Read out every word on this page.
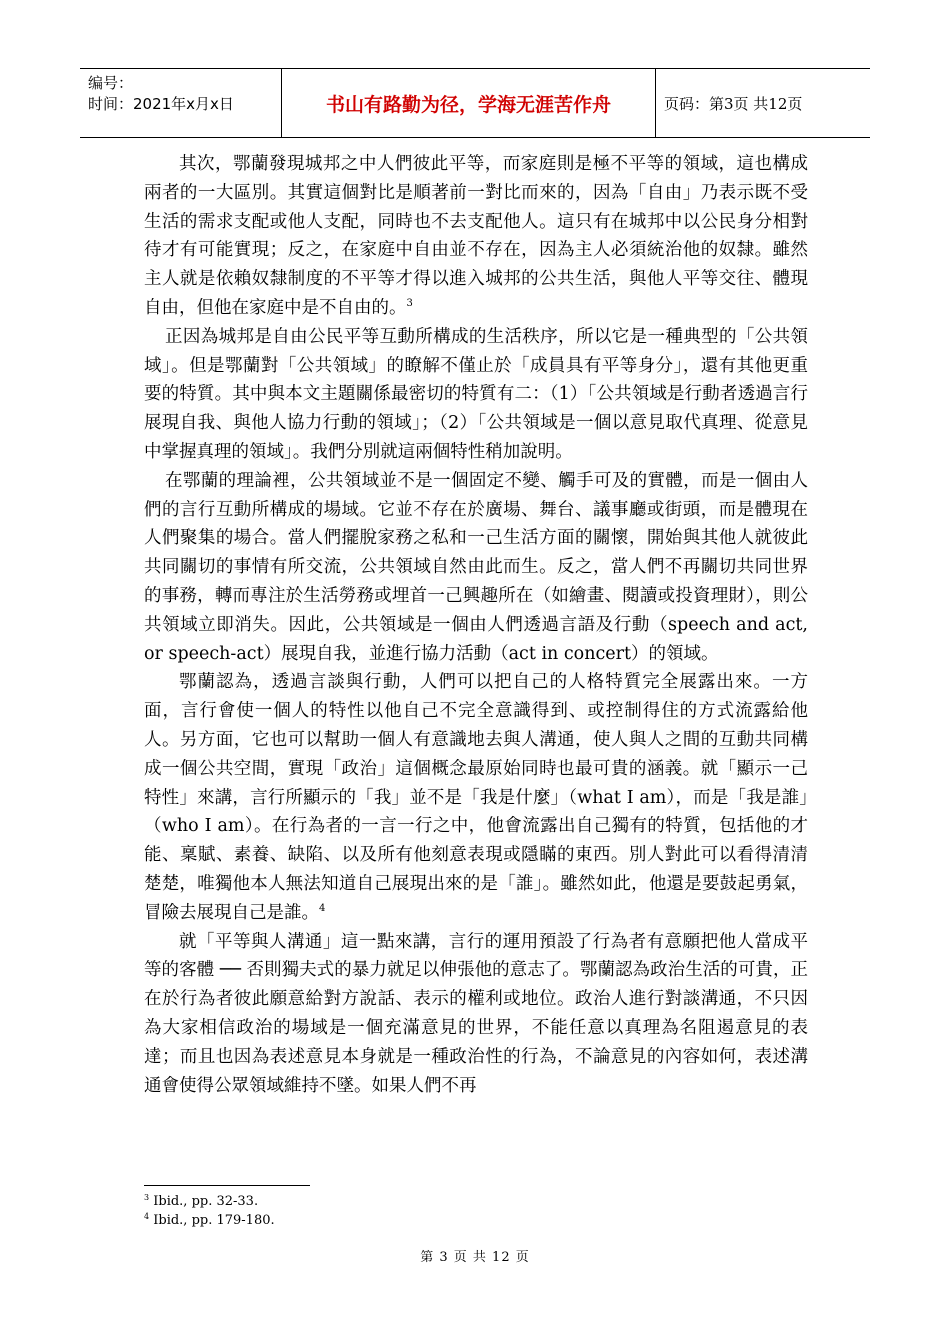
编号：
时间：2021年x月x日	书山有路勤为径，学海无涯苦作舟	页码：第3页 共12页

其次，鄂蘭發現城邦之中人們彼此平等，而家庭則是極不平等的領域，這也構成兩者的一大區別。其實這個對比是順著前一對比而來的，因為「自由」乃表示既不受生活的需求支配或他人支配，同時也不去支配他人。這只有在城邦中以公民身分相對待才有可能實現；反之，在家庭中自由並不存在，因為主人必須統治他的奴隸。雖然主人就是依賴奴隸制度的不平等才得以進入城邦的公共生活，與他人平等交往、體現自由，但他在家庭中是不自由的。$^3$

正因為城邦是自由公民平等互動所構成的生活秩序，所以它是一種典型的「公共領域」。但是鄂蘭對「公共領域」的瞭解不僅止於「成員具有平等身分」，還有其他更重要的特質。其中與本文主題關係最密切的特質有二：（1）「公共領域是行動者透過言行展現自我、與他人協力行動的領域」；（2）「公共領域是一個以意見取代真理、從意見中掌握真理的領域」。我們分別就這兩個特性稍加說明。

在鄂蘭的理論裡，公共領域並不是一個固定不變、觸手可及的實體，而是一個由人們的言行互動所構成的場域。它並不存在於廣場、舞台、議事廳或街頭，而是體現在人們聚集的場合。當人們擺脫家務之私和一己生活方面的關懷，開始與其他人就彼此共同關切的事情有所交流，公共領域自然由此而生。反之，當人們不再關切共同世界的事務，轉而專注於生活勞務或埋首一己興趣所在（如繪畫、閱讀或投資理財），則公共領域立即消失。因此，公共領域是一個由人們透過言語及行動（speech and act, or speech-act）展現自我，並進行協力活動（act in concert）的領域。

鄂蘭認為，透過言談與行動，人們可以把自己的人格特質完全展露出來。一方面，言行會使一個人的特性以他自己不完全意識得到、或控制得住的方式流露給他人。另方面，它也可以幫助一個人有意識地去與人溝通，使人與人之間的互動共同構成一個公共空間，實現「政治」這個概念最原始同時也最可貴的涵義。就「顯示一己特性」來講，言行所顯示的「我」並不是「我是什麼」（what I am），而是「我是誰」（who I am）。在行為者的一言一行之中，他會流露出自己獨有的特質，包括他的才能、稟賦、素養、缺陷、以及所有他刻意表現或隱瞞的東西。別人對此可以看得清清楚楚，唯獨他本人無法知道自己展現出來的是「誰」。雖然如此，他還是要鼓起勇氣，冒險去展現自己是誰。$^4$

就「平等與人溝通」這一點來講，言行的運用預設了行為者有意願把他人當成平等的客體 ── 否則獨夫式的暴力就足以伸張他的意志了。鄂蘭認為政治生活的可貴，正在於行為者彼此願意給對方說話、表示的權利或地位。政治人進行對談溝通，不只因為大家相信政治的場域是一個充滿意見的世界，不能任意以真理為名阻遏意見的表達；而且也因為表述意見本身就是一種政治性的行為，不論意見的內容如何，表述溝通會使得公眾領域維持不墜。如果人們不再

$^3$ Ibid., pp. 32-33.
$^4$ Ibid., pp. 179-180.
第 3 页 共 12 页
